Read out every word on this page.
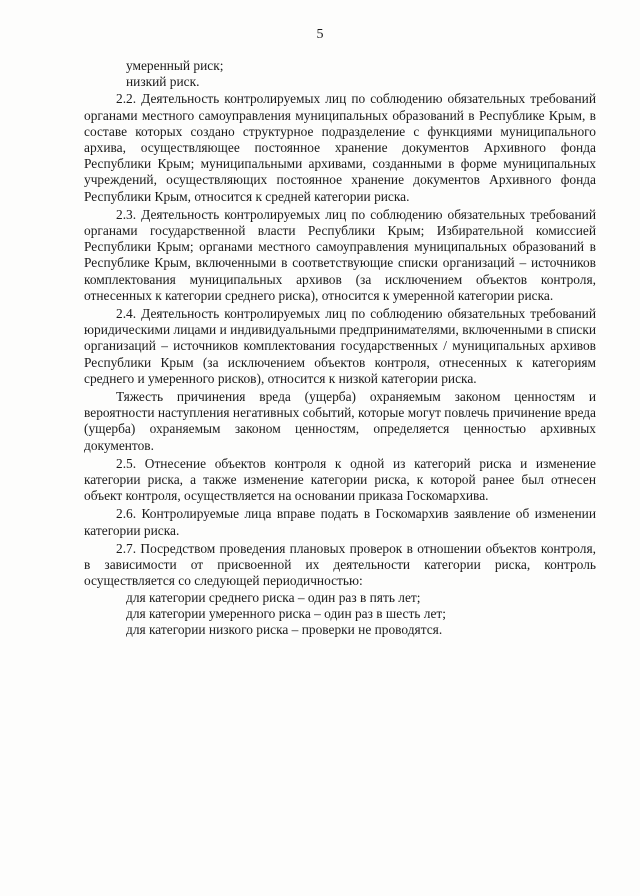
5

умеренный риск;

низкий риск.

2.2. Деятельность контролируемых лиц по соблюдению обязательных требований органами местного самоуправления муниципальных образований в Республике Крым, в составе которых создано структурное подразделение с функциями муниципального архива, осуществляющее постоянное хранение документов Архивного фонда Республики Крым; муниципальными архивами, созданными в форме муниципальных учреждений, осуществляющих постоянное хранение документов Архивного фонда Республики Крым, относится к средней категории риска.

2.3. Деятельность контролируемых лиц по соблюдению обязательных требований органами государственной власти Республики Крым; Избирательной комиссией Республики Крым; органами местного самоуправления муниципальных образований в Республике Крым, включенными в соответствующие списки организаций – источников комплектования муниципальных архивов (за исключением объектов контроля, отнесенных к категории среднего риска), относится к умеренной категории риска.

2.4. Деятельность контролируемых лиц по соблюдению обязательных требований юридическими лицами и индивидуальными предпринимателями, включенными в списки организаций – источников комплектования государственных / муниципальных архивов Республики Крым (за исключением объектов контроля, отнесенных к категориям среднего и умеренного рисков), относится к низкой категории риска.

Тяжесть причинения вреда (ущерба) охраняемым законом ценностям и вероятности наступления негативных событий, которые могут повлечь причинение вреда (ущерба) охраняемым законом ценностям, определяется ценностью архивных документов.

2.5. Отнесение объектов контроля к одной из категорий риска и изменение категории риска, а также изменение категории риска, к которой ранее был отнесен объект контроля, осуществляется на основании приказа Госкомархива.

2.6. Контролируемые лица вправе подать в Госкомархив заявление об изменении категории риска.

2.7. Посредством проведения плановых проверок в отношении объектов контроля, в зависимости от присвоенной их деятельности категории риска, контроль осуществляется со следующей периодичностью:

для категории среднего риска – один раз в пять лет;

для категории умеренного риска – один раз в шесть лет;

для категории низкого риска – проверки не проводятся.
